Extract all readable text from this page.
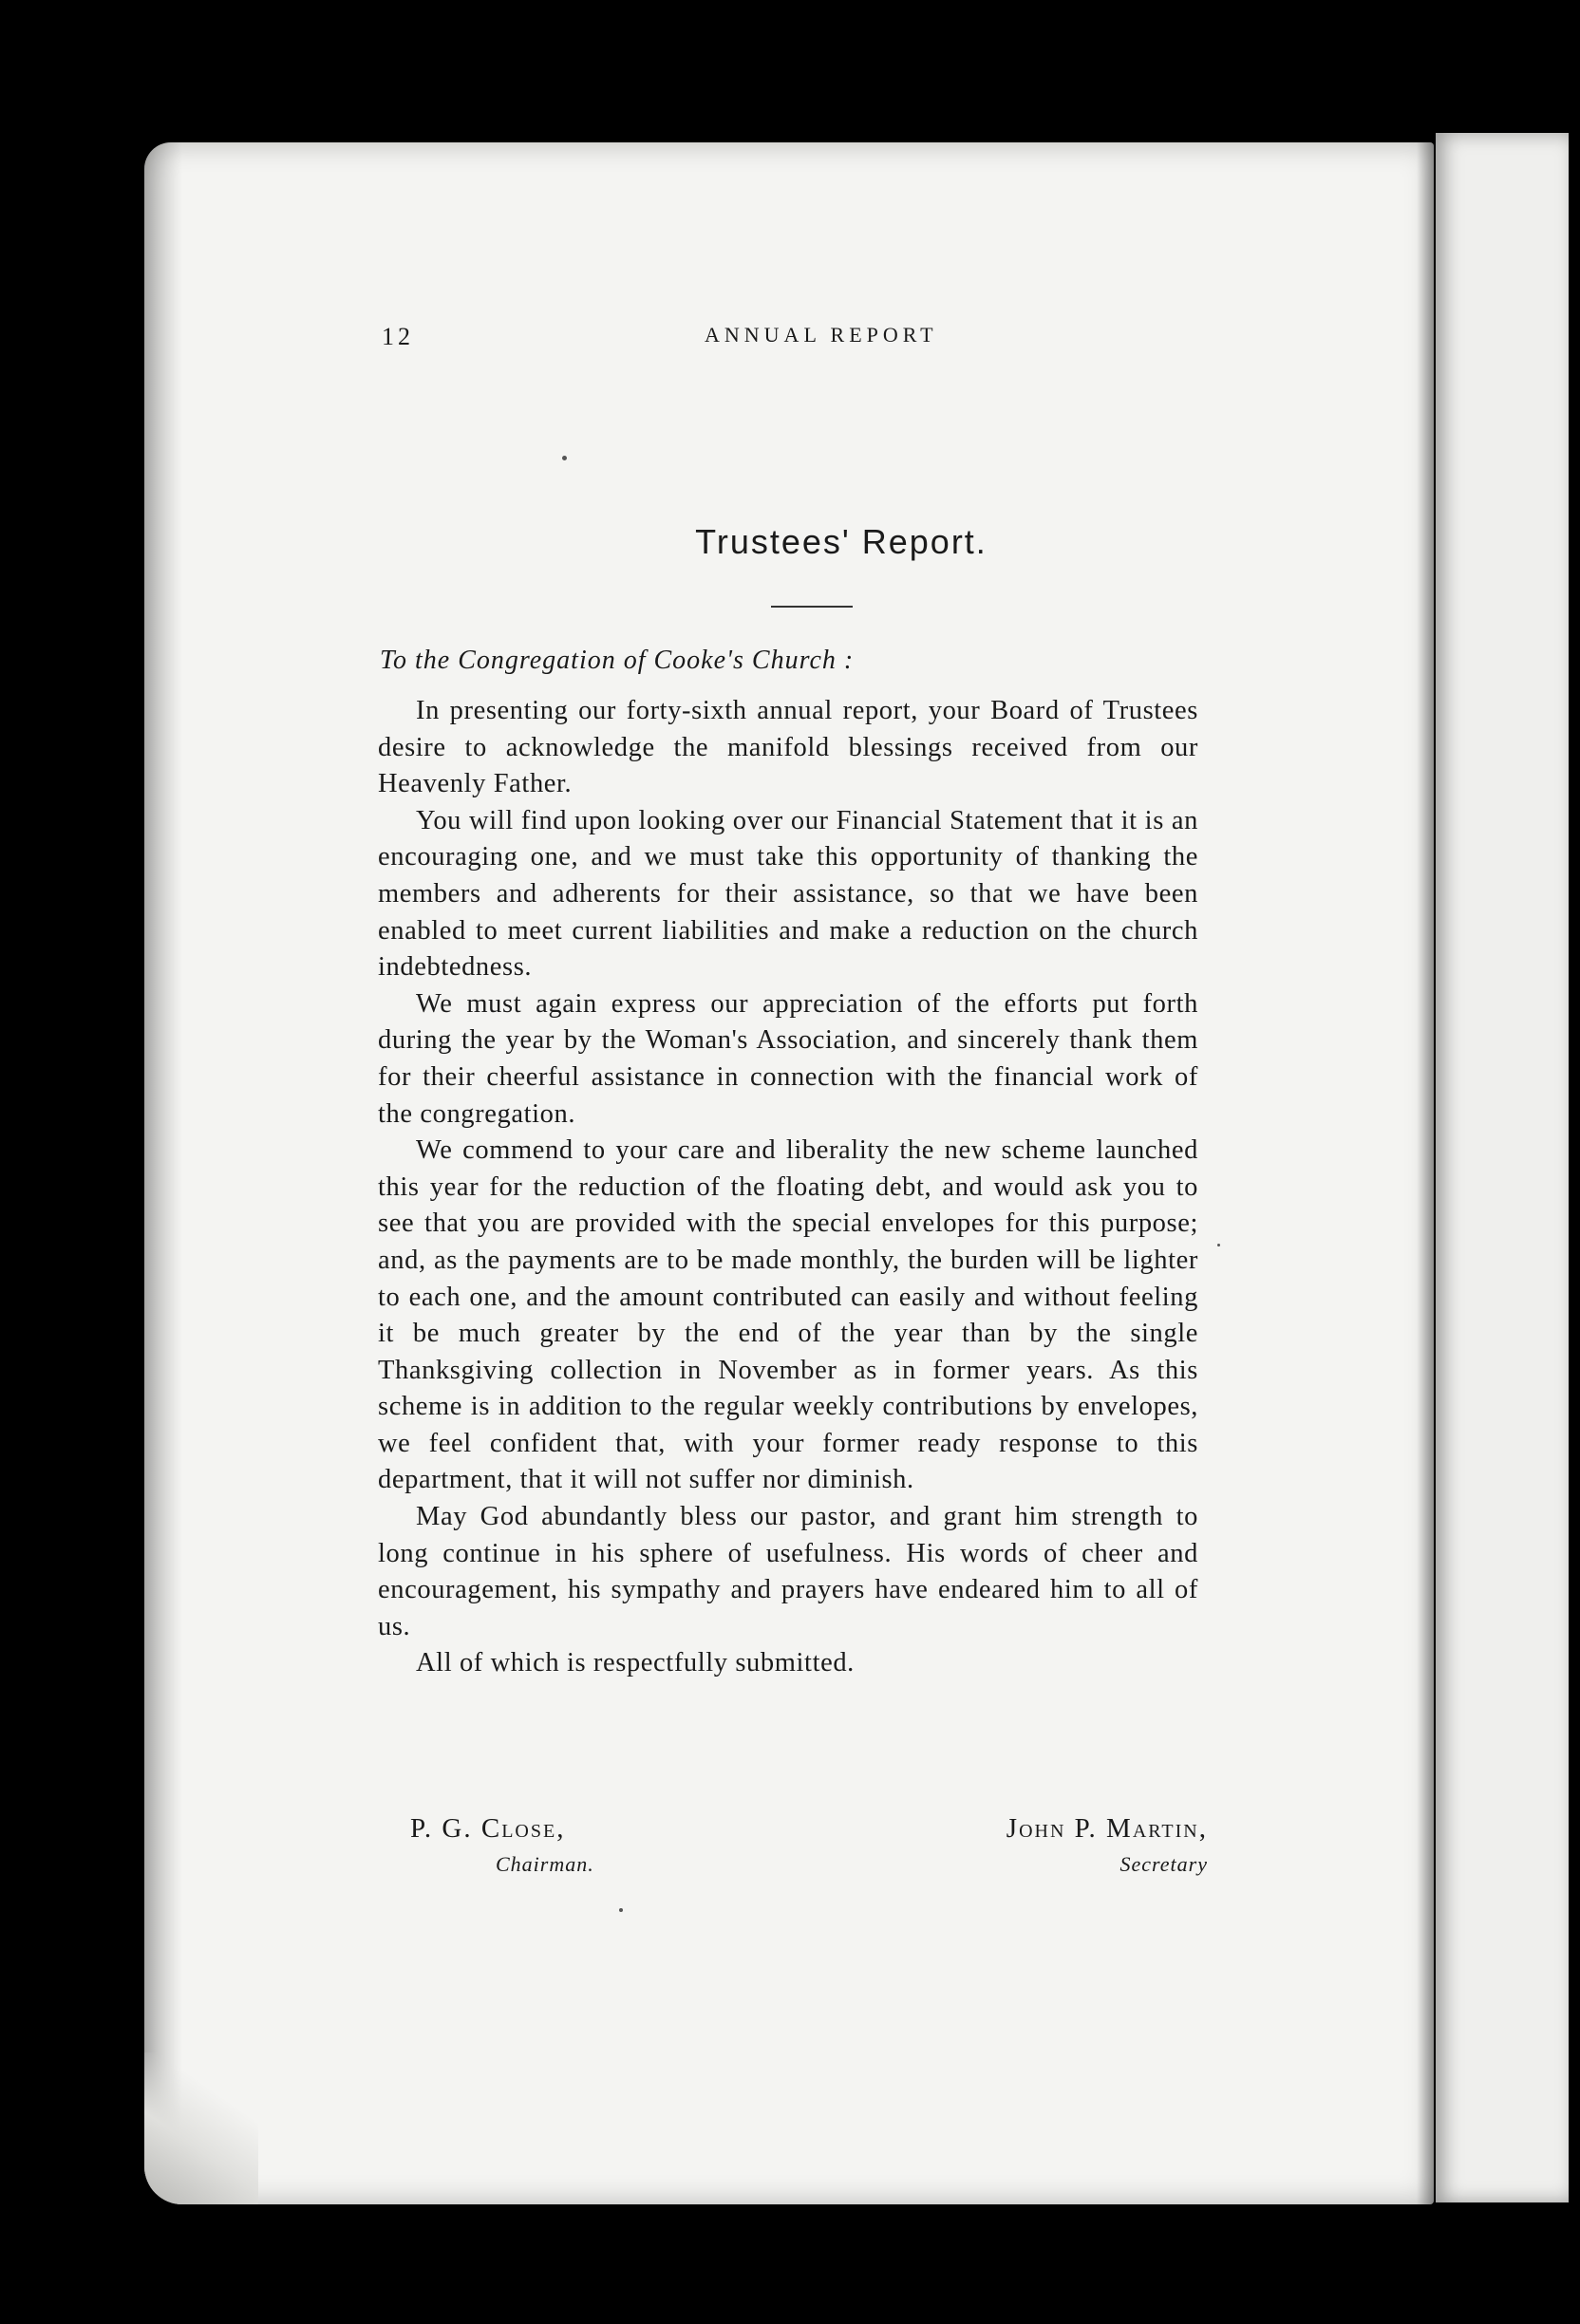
12	ANNUAL REPORT
Trustees' Report.
To the Congregation of Cooke's Church :

In presenting our forty-sixth annual report, your Board of Trustees desire to acknowledge the manifold blessings received from our Heavenly Father.

You will find upon looking over our Financial Statement that it is an encouraging one, and we must take this opportunity of thanking the members and adherents for their assistance, so that we have been enabled to meet current liabilities and make a reduction on the church indebtedness.

We must again express our appreciation of the efforts put forth during the year by the Woman's Association, and sincerely thank them for their cheerful assistance in connection with the financial work of the congregation.

We commend to your care and liberality the new scheme launched this year for the reduction of the floating debt, and would ask you to see that you are provided with the special envelopes for this purpose; and, as the payments are to be made monthly, the burden will be lighter to each one, and the amount contributed can easily and without feeling it be much greater by the end of the year than by the single Thanksgiving collection in November as in former years. As this scheme is in addition to the regular weekly contributions by envelopes, we feel confident that, with your former ready response to this department, that it will not suffer nor diminish.

May God abundantly bless our pastor, and grant him strength to long continue in his sphere of usefulness. His words of cheer and encouragement, his sympathy and prayers have endeared him to all of us.

All of which is respectfully submitted.

P. G. Close,
Chairman.
John P. Martin,
Secretary
